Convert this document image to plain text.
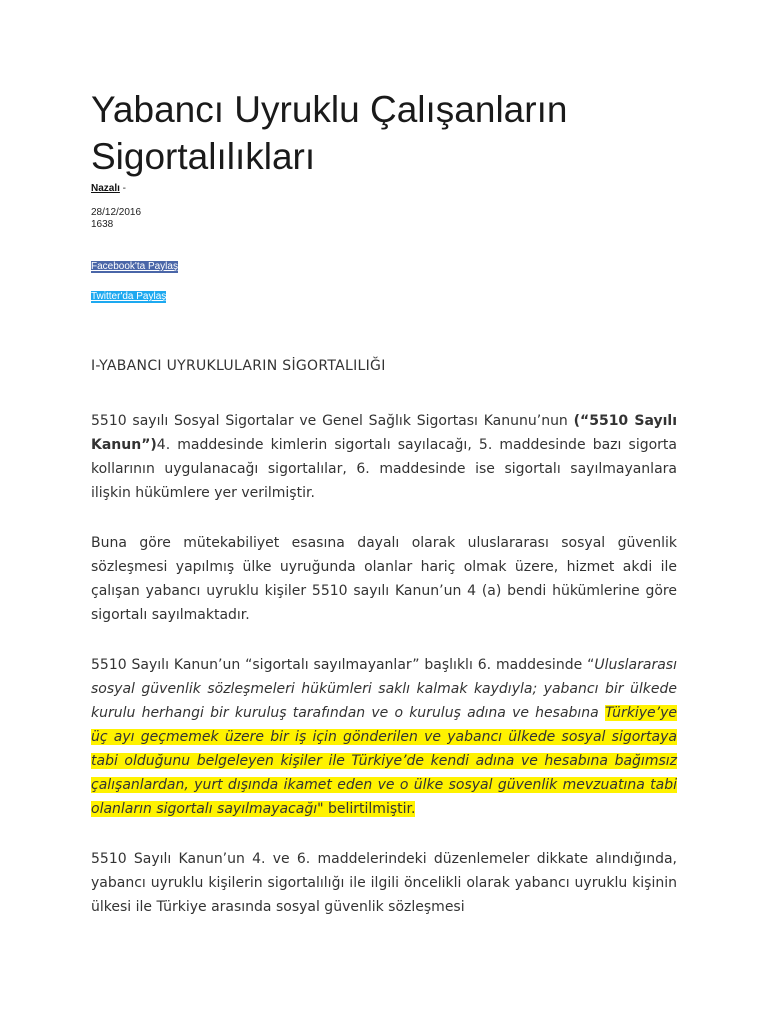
Yabancı Uyruklu Çalışanların Sigortalılıkları
Nazalı -
28/12/2016
1638
Facebook'ta Paylaş
Twitter'da Paylaş
I-YABANCI UYRUKLULARIN SİGORTALILIĞI

5510 sayılı Sosyal Sigortalar ve Genel Sağlık Sigortası Kanunu’nun (“5510 Sayılı Kanun”)4. maddesinde kimlerin sigortalı sayılacağı, 5. maddesinde bazı sigorta kollarının uygulanacağı sigortalılar, 6. maddesinde ise sigortalı sayılmayanlara ilişkin hükümlere yer verilmiştir.

Buna göre mütekabiliyet esasına dayalı olarak uluslararası sosyal güvenlik sözleşmesi yapılmış ülke uyruğunda olanlar hariç olmak üzere, hizmet akdi ile çalışan yabancı uyruklu kişiler 5510 sayılı Kanun’un 4 (a) bendi hükümlerine göre sigortalı sayılmaktadır.

5510 Sayılı Kanun’un “sigortalı sayılmayanlar” başlıklı 6. maddesinde “Uluslararası sosyal güvenlik sözleşmeleri hükümleri saklı kalmak kaydıyla; yabancı bir ülkede kurulu herhangi bir kuruluş tarafından ve o kuruluş adına ve hesabına Türkiye’ye üç ayı geçmemek üzere bir iş için gönderilen ve yabancı ülkede sosyal sigortaya tabi olduğunu belgeleyen kişiler ile Türkiye’de kendi adına ve hesabına bağımsız çalışanlardan, yurt dışında ikamet eden ve o ülke sosyal güvenlik mevzuatına tabi olanların sigortalı sayılmayacağı" belirtilmiştir.

5510 Sayılı Kanun’un 4. ve 6. maddelerindeki düzenlemeler dikkate alındığında, yabancı uyruklu kişilerin sigortalılığı ile ilgili öncelikli olarak yabancı uyruklu kişinin ülkesi ile Türkiye arasında sosyal güvenlik sözleşmesi
